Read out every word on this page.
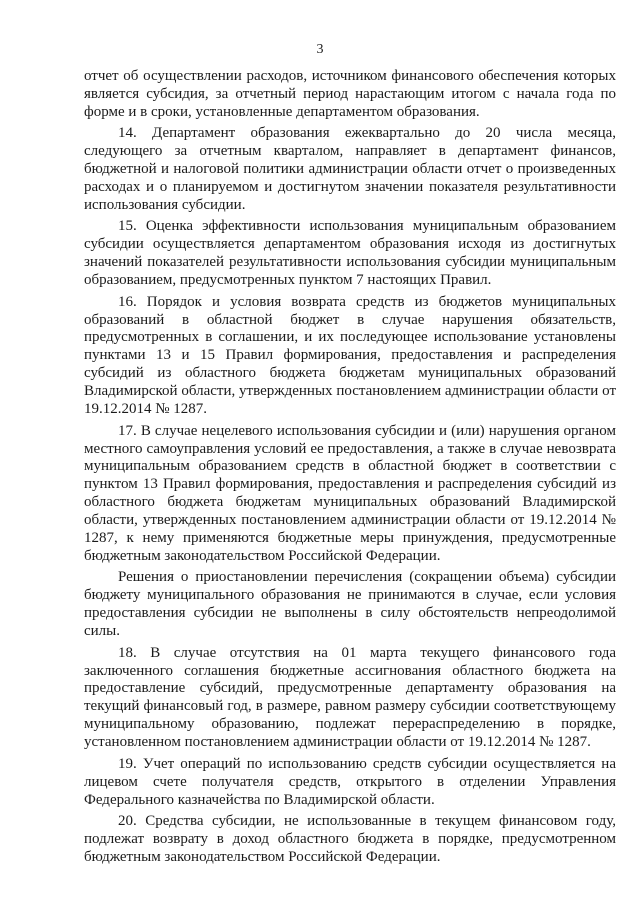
3

отчет об осуществлении расходов, источником финансового обеспечения которых является субсидия, за отчетный период нарастающим итогом с начала года по форме и в сроки, установленные департаментом образования.

14. Департамент образования ежеквартально до 20 числа месяца, следующего за отчетным кварталом, направляет в департамент финансов, бюджетной и налоговой политики администрации области отчет о произведенных расходах и о планируемом и достигнутом значении показателя результативности использования субсидии.

15. Оценка эффективности использования муниципальным образованием субсидии осуществляется департаментом образования исходя из достигнутых значений показателей результативности использования субсидии муниципальным образованием, предусмотренных пунктом 7 настоящих Правил.

16. Порядок и условия возврата средств из бюджетов муниципальных образований в областной бюджет в случае нарушения обязательств, предусмотренных в соглашении, и их последующее использование установлены пунктами 13 и 15 Правил формирования, предоставления и распределения субсидий из областного бюджета бюджетам муниципальных образований Владимирской области, утвержденных постановлением администрации области от 19.12.2014 № 1287.

17. В случае нецелевого использования субсидии и (или) нарушения органом местного самоуправления условий ее предоставления, а также в случае невозврата муниципальным образованием средств в областной бюджет в соответствии с пунктом 13 Правил формирования, предоставления и распределения субсидий из областного бюджета бюджетам муниципальных образований Владимирской области, утвержденных постановлением администрации области от 19.12.2014 № 1287, к нему применяются бюджетные меры принуждения, предусмотренные бюджетным законодательством Российской Федерации.

Решения о приостановлении перечисления (сокращении объема) субсидии бюджету муниципального образования не принимаются в случае, если условия предоставления субсидии не выполнены в силу обстоятельств непреодолимой силы.

18. В случае отсутствия на 01 марта текущего финансового года заключенного соглашения бюджетные ассигнования областного бюджета на предоставление субсидий, предусмотренные департаменту образования на текущий финансовый год, в размере, равном размеру субсидии соответствующему муниципальному образованию, подлежат перераспределению в порядке, установленном постановлением администрации области от 19.12.2014 № 1287.

19. Учет операций по использованию средств субсидии осуществляется на лицевом счете получателя средств, открытого в отделении Управления Федерального казначейства по Владимирской области.

20. Средства субсидии, не использованные в текущем финансовом году, подлежат возврату в доход областного бюджета в порядке, предусмотренном бюджетным законодательством Российской Федерации.
